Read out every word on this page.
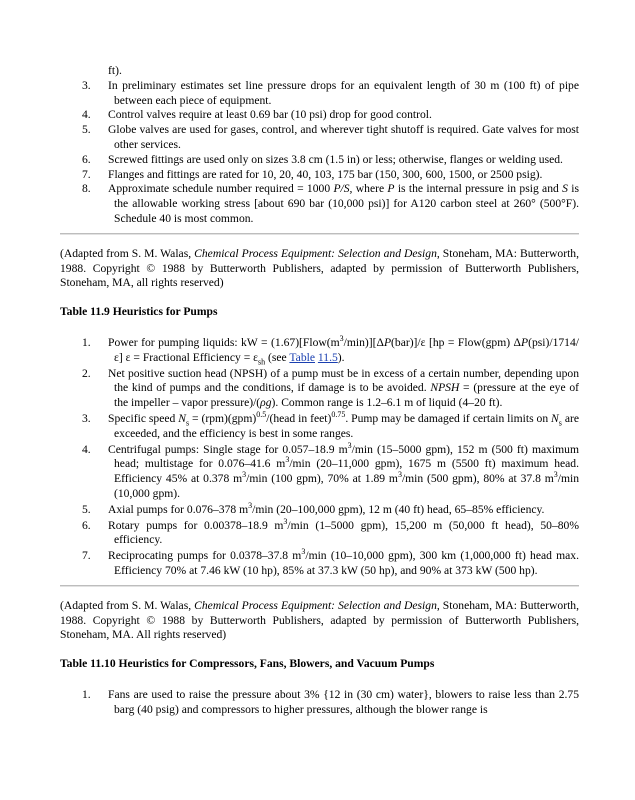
ft).
3. In preliminary estimates set line pressure drops for an equivalent length of 30 m (100 ft) of pipe between each piece of equipment.
4. Control valves require at least 0.69 bar (10 psi) drop for good control.
5. Globe valves are used for gases, control, and wherever tight shutoff is required. Gate valves for most other services.
6. Screwed fittings are used only on sizes 3.8 cm (1.5 in) or less; otherwise, flanges or welding used.
7. Flanges and fittings are rated for 10, 20, 40, 103, 175 bar (150, 300, 600, 1500, or 2500 psig).
8. Approximate schedule number required = 1000 P/S, where P is the internal pressure in psig and S is the allowable working stress [about 690 bar (10,000 psi)] for A120 carbon steel at 260° (500°F). Schedule 40 is most common.

(Adapted from S. M. Walas, Chemical Process Equipment: Selection and Design, Stoneham, MA: Butterworth, 1988. Copyright © 1988 by Butterworth Publishers, adapted by permission of Butterworth Publishers, Stoneham, MA, all rights reserved)

Table 11.9 Heuristics for Pumps

1. Power for pumping liquids: kW = $(1.67)[Flow(m^3/\min)][\Delta P(bar)]/\varepsilon$ [hp = Flow(gpm) ΔP(psi)/1714/ε] ε = Fractional Efficiency = $\varepsilon_{sh}$ (see Table 11.5).
2. Net positive suction head (NPSH) of a pump must be in excess of a certain number, depending upon the kind of pumps and the conditions, if damage is to be avoided. NPSH = (pressure at the eye of the impeller – vapor pressure)/(ρg). Common range is 1.2–6.1 m of liquid (4–20 ft).
3. Specific speed $N_s$ = (rpm)(gpm)$^{0.5}$/(head in feet)$^{0.75}$. Pump may be damaged if certain limits on $N_s$ are exceeded, and the efficiency is best in some ranges.
4. Centrifugal pumps: Single stage for 0.057–18.9 $m^3/\min$ (15–5000 gpm), 152 m (500 ft) maximum head; multistage for 0.076–41.6 $m^3/\min$ (20–11,000 gpm), 1675 m (5500 ft) maximum head. Efficiency 45% at 0.378 $m^3/\min$ (100 gpm), 70% at 1.89 $m^3/\min$ (500 gpm), 80% at 37.8 $m^3/\min$ (10,000 gpm).
5. Axial pumps for 0.076–378 $m^3/\min$ (20–100,000 gpm), 12 m (40 ft) head, 65–85% efficiency.
6. Rotary pumps for 0.00378–18.9 $m^3/\min$ (1–5000 gpm), 15,200 m (50,000 ft head), 50–80% efficiency.
7. Reciprocating pumps for 0.0378–37.8 $m^3/\min$ (10–10,000 gpm), 300 km (1,000,000 ft) head max. Efficiency 70% at 7.46 kW (10 hp), 85% at 37.3 kW (50 hp), and 90% at 373 kW (500 hp).

(Adapted from S. M. Walas, Chemical Process Equipment: Selection and Design, Stoneham, MA: Butterworth, 1988. Copyright © 1988 by Butterworth Publishers, adapted by permission of Butterworth Publishers, Stoneham, MA. All rights reserved)

Table 11.10 Heuristics for Compressors, Fans, Blowers, and Vacuum Pumps

1. Fans are used to raise the pressure about 3% {12 in (30 cm) water}, blowers to raise less than 2.75 barg (40 psig) and compressors to higher pressures, although the blower range is
